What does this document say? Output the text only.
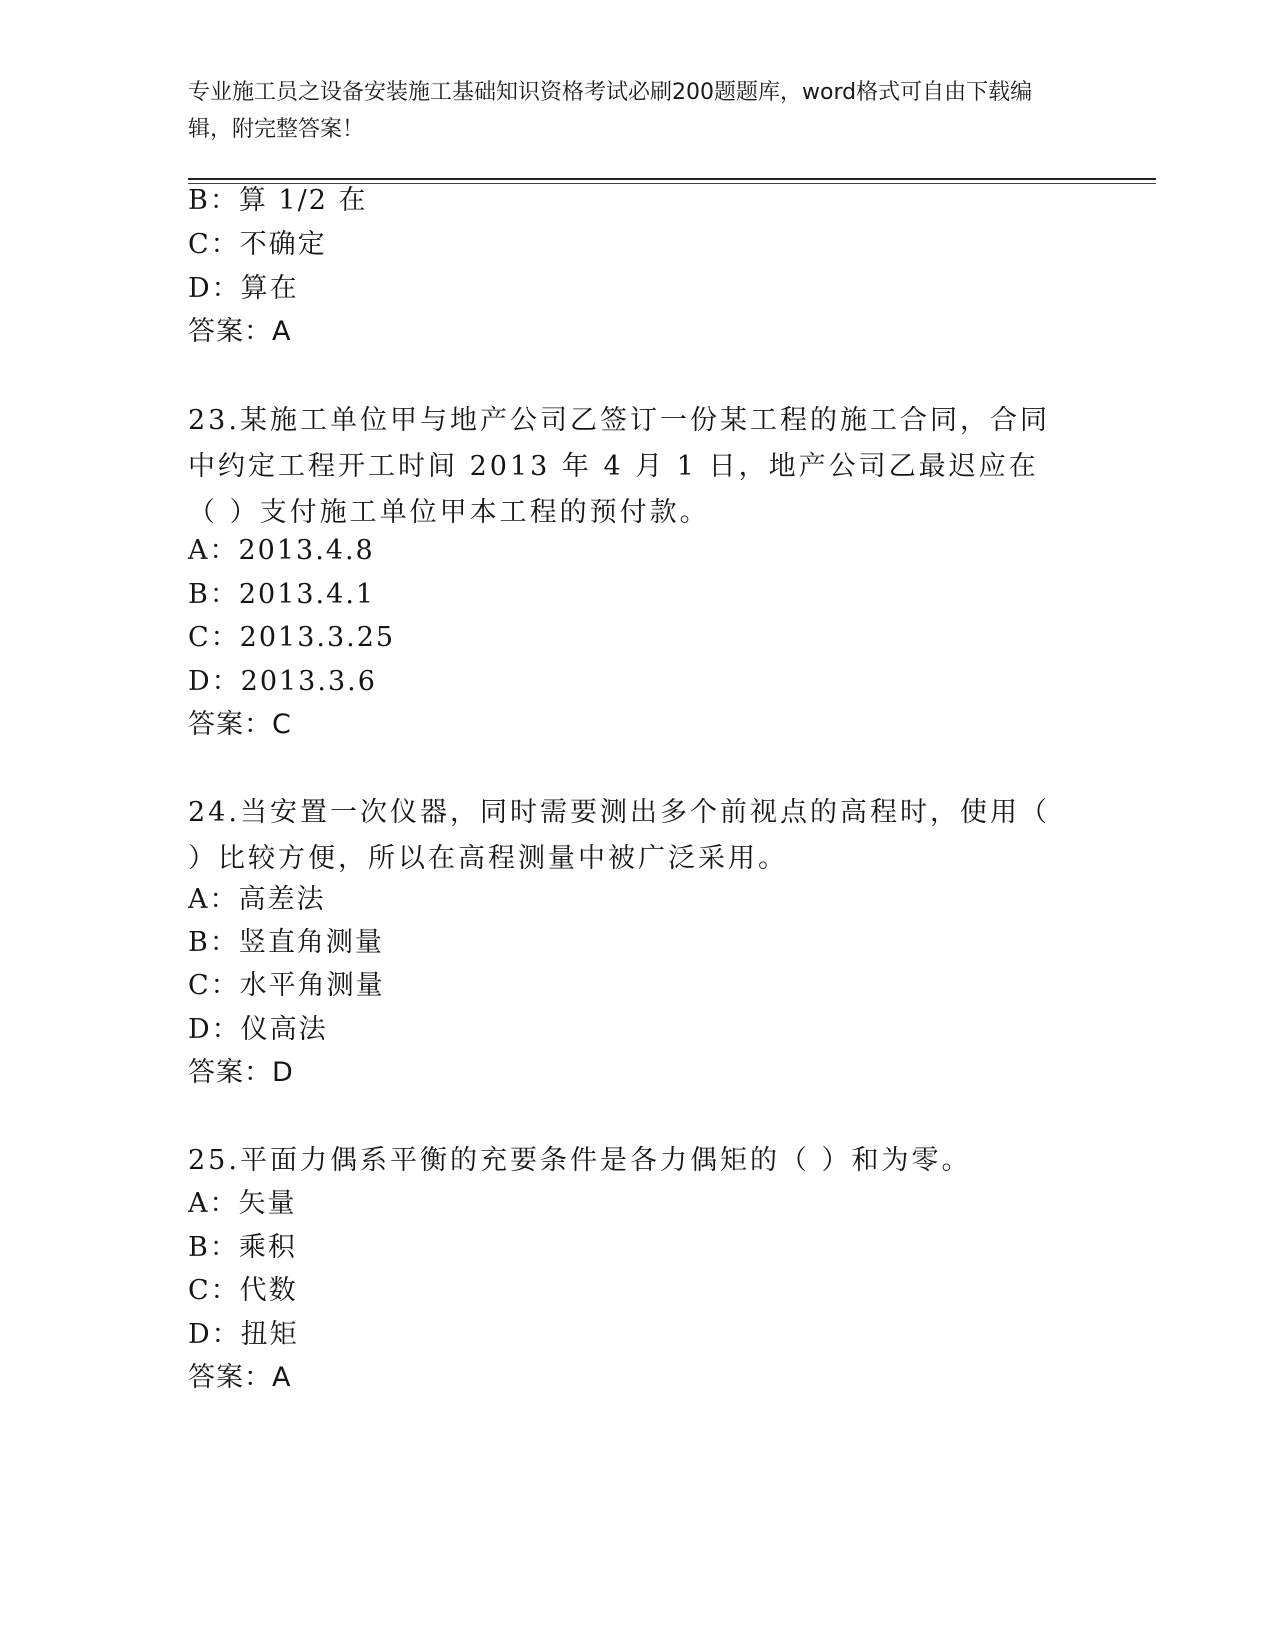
专业施工员之设备安装施工基础知识资格考试必刷200题题库，word格式可自由下载编辑，附完整答案！
B：算 1/2 在
C：不确定
D：算在
答案：A
23.某施工单位甲与地产公司乙签订一份某工程的施工合同，合同中约定工程开工时间 2013 年 4 月 1 日，地产公司乙最迟应在（ ）支付施工单位甲本工程的预付款。
A：2013.4.8
B：2013.4.1
C：2013.3.25
D：2013.3.6
答案：C
24.当安置一次仪器，同时需要测出多个前视点的高程时，使用（ ）比较方便，所以在高程测量中被广泛采用。
A：高差法
B：竖直角测量
C：水平角测量
D：仪高法
答案：D
25.平面力偶系平衡的充要条件是各力偶矩的（ ）和为零。
A：矢量
B：乘积
C：代数
D：扭矩
答案：A
